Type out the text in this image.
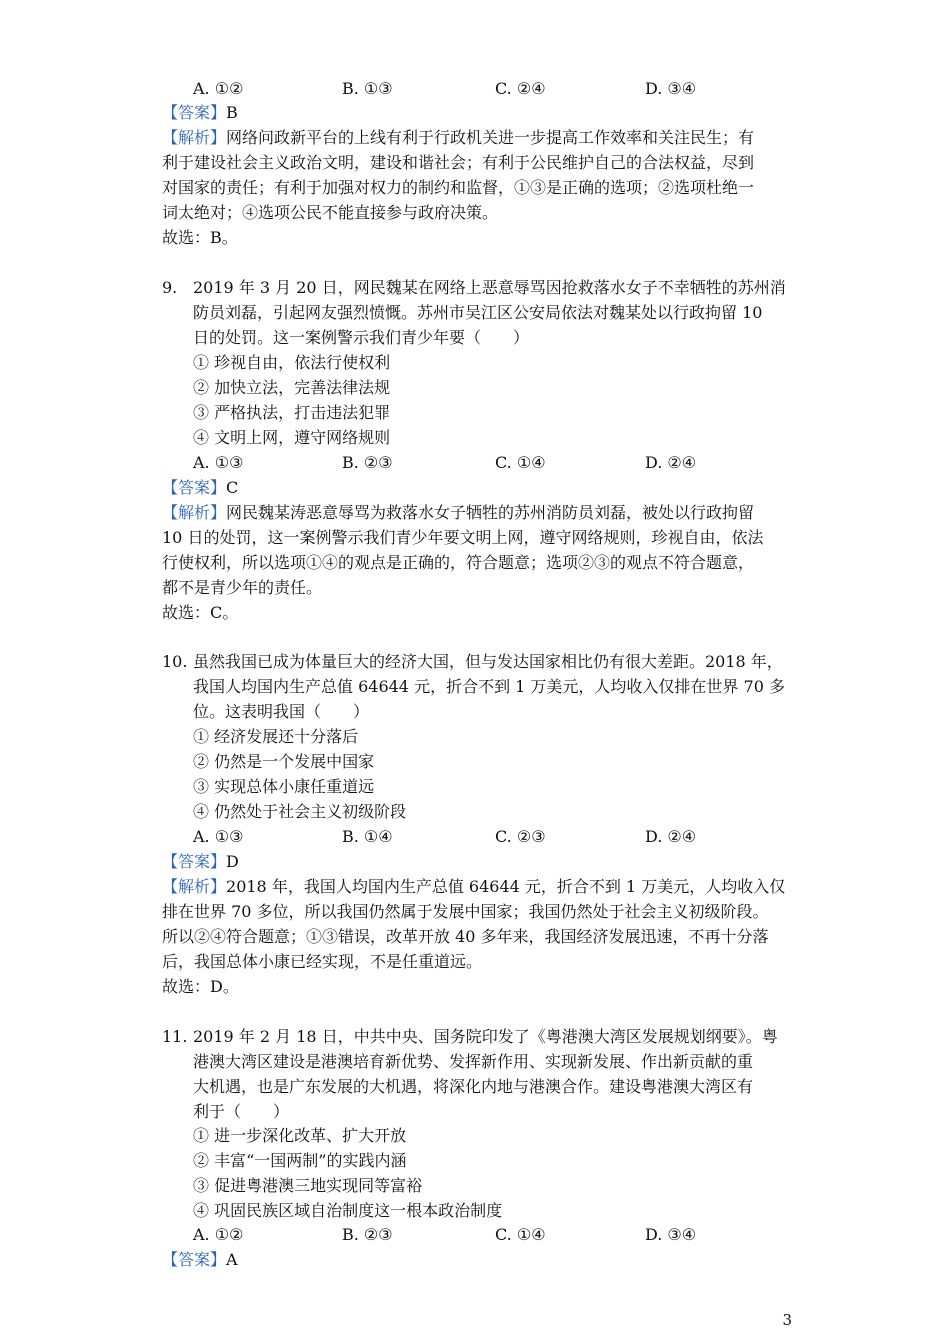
A. ①②	B. ①③	C. ②④	D. ③④
【答案】B
【解析】网络问政新平台的上线有利于行政机关进一步提高工作效率和关注民生；有
利于建设社会主义政治文明，建设和谐社会；有利于公民维护自己的合法权益，尽到
对国家的责任；有利于加强对权力的制约和监督，①③是正确的选项；②选项杜绝一
词太绝对；④选项公民不能直接参与政府决策。
故选：B。
9. 2019 年 3 月 20 日，网民魏某在网络上恶意辱骂因抢救落水女子不幸牺牲的苏州消
防员刘磊，引起网友强烈愤慨。苏州市吴江区公安局依法对魏某处以行政拘留 10
日的处罚。这一案例警示我们青少年要（　　）
① 珍视自由，依法行使权利
② 加快立法，完善法律法规
③ 严格执法，打击违法犯罪
④ 文明上网，遵守网络规则
A. ①③	B. ②③	C. ①④	D. ②④
【答案】C
【解析】网民魏某涛恶意辱骂为救落水女子牺牲的苏州消防员刘磊，被处以行政拘留
10 日的处罚，这一案例警示我们青少年要文明上网，遵守网络规则，珍视自由，依法
行使权利，所以选项①④的观点是正确的，符合题意；选项②③的观点不符合题意，
都不是青少年的责任。
故选：C。
10. 虽然我国已成为体量巨大的经济大国，但与发达国家相比仍有很大差距。2018 年，
我国人均国内生产总值 64644 元，折合不到 1 万美元，人均收入仅排在世界 70 多
位。这表明我国（　　）
① 经济发展还十分落后
② 仍然是一个发展中国家
③ 实现总体小康任重道远
④ 仍然处于社会主义初级阶段
A. ①③	B. ①④	C. ②③	D. ②④
【答案】D
【解析】2018 年，我国人均国内生产总值 64644 元，折合不到 1 万美元，人均收入仅
排在世界 70 多位，所以我国仍然属于发展中国家；我国仍然处于社会主义初级阶段。
所以②④符合题意；①③错误，改革开放 40 多年来，我国经济发展迅速，不再十分落
后，我国总体小康已经实现，不是任重道远。
故选：D。
11. 2019 年 2 月 18 日，中共中央、国务院印发了《粤港澳大湾区发展规划纲要》。粤
港澳大湾区建设是港澳培育新优势、发挥新作用、实现新发展、作出新贡献的重
大机遇，也是广东发展的大机遇，将深化内地与港澳合作。建设粤港澳大湾区有
利于（　　）
① 进一步深化改革、扩大开放
② 丰富“一国两制”的实践内涵
③ 促进粤港澳三地实现同等富裕
④ 巩固民族区域自治制度这一根本政治制度
A. ①②	B. ②③	C. ①④	D. ③④
【答案】A
3
